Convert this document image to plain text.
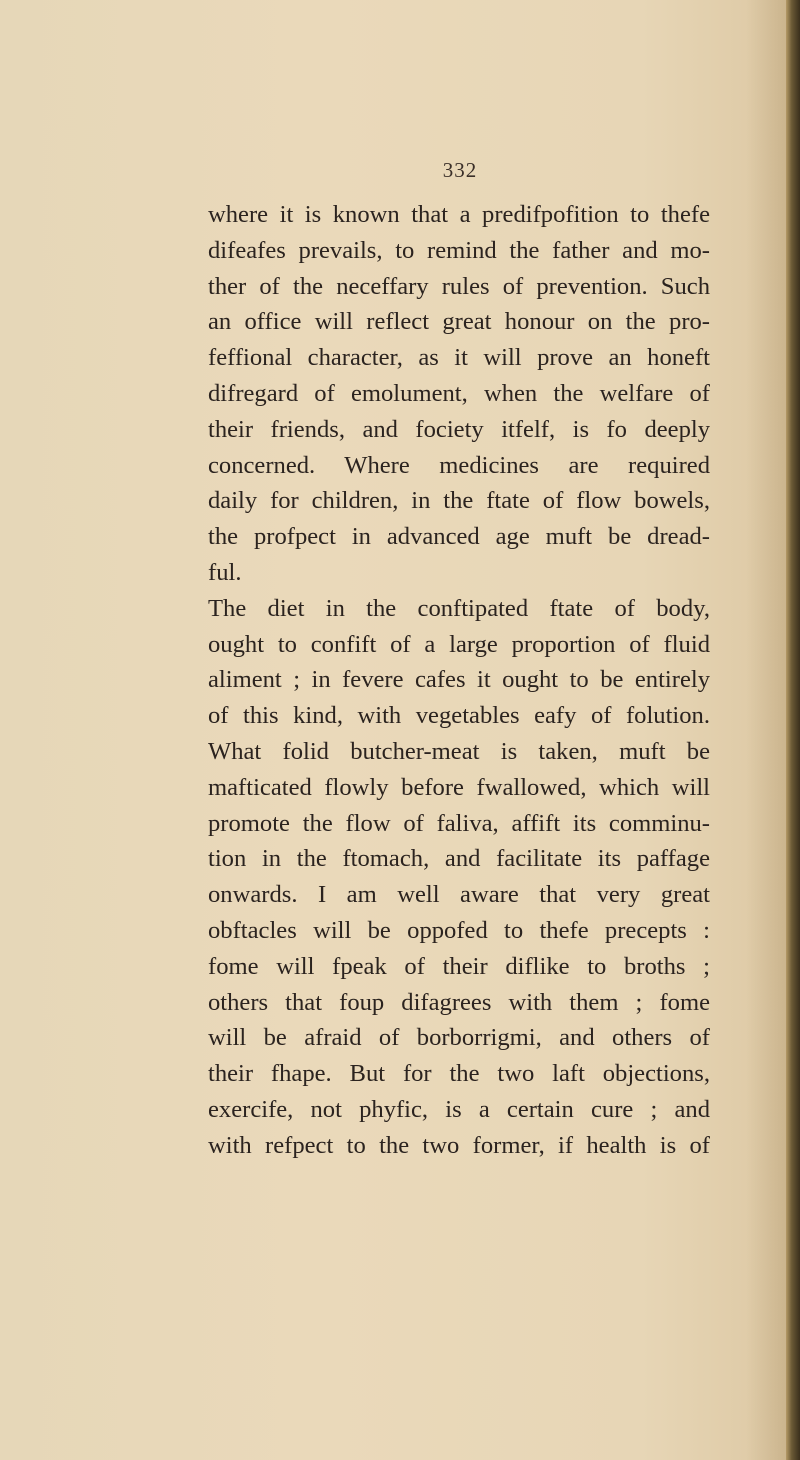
332
where it is known that a predifpofition to thefe
difeafes prevails, to remind the father and mo-
ther of the neceffary rules of prevention. Such
an office will reflect great honour on the pro-
feffional character, as it will prove an honeft
difregard of emolument, when the welfare of
their friends, and fociety itfelf, is fo deeply
concerned. Where medicines are required
daily for children, in the ftate of flow bowels,
the profpect in advanced age muft be dread-
ful.
The diet in the conftipated ftate of body,
ought to confift of a large proportion of fluid
aliment ; in fevere cafes it ought to be entirely
of this kind, with vegetables eafy of folution.
What folid butcher-meat is taken, muft be
mafticated flowly before fwallowed, which will
promote the flow of faliva, affift its comminu-
tion in the ftomach, and facilitate its paffage
onwards. I am well aware that very great
obftacles will be oppofed to thefe precepts :
fome will fpeak of their diflike to broths ;
others that foup difagrees with them ; fome
will be afraid of borborrigmi, and others of
their fhape. But for the two laft objections,
exercife, not phyfic, is a certain cure ; and
with refpect to the two former, if health is of
